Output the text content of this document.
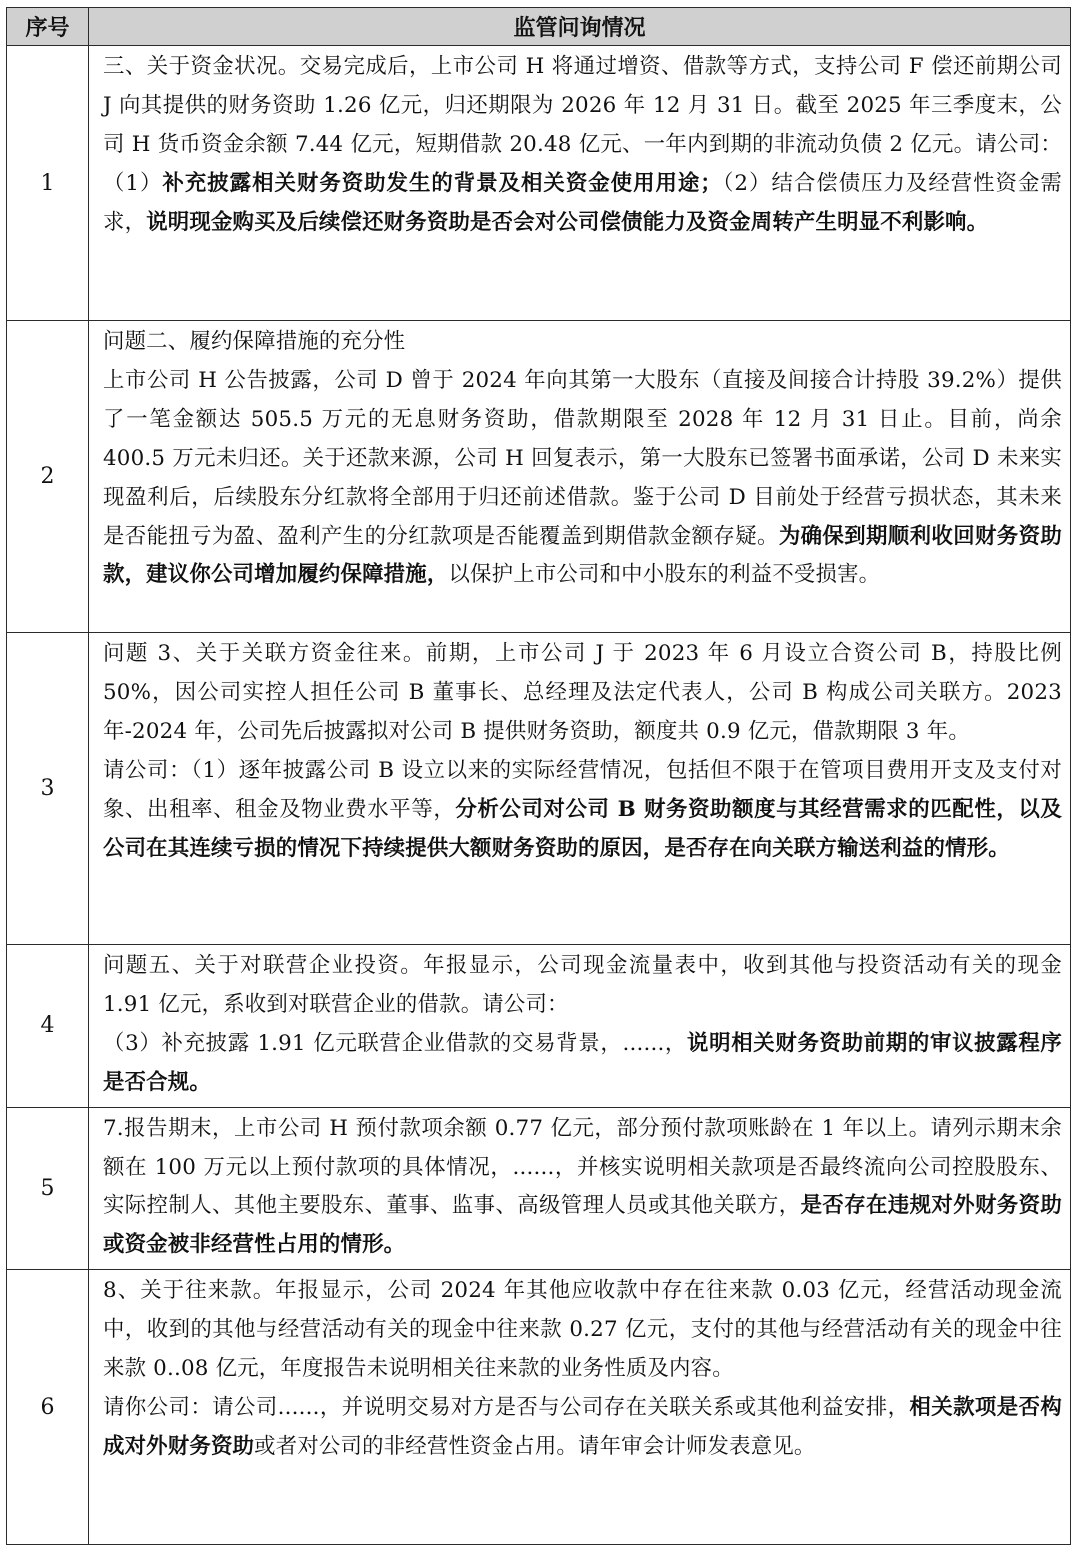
序号	监管问询情况
1	三、关于资金状况。交易完成后，上市公司 H 将通过增资、借款等方式，支持公司 F 偿还前期公司 J 向其提供的财务资助 1.26 亿元，归还期限为 2026 年 12 月 31 日。截至 2025 年三季度末，公司 H 货币资金余额 7.44 亿元，短期借款 20.48 亿元、一年内到期的非流动负债 2 亿元。请公司：（1）补充披露相关财务资助发生的背景及相关资金使用用途；（2）结合偿债压力及经营性资金需求，说明现金购买及后续偿还财务资助是否会对公司偿债能力及资金周转产生明显不利影响。

2	问题二、履约保障措施的充分性

上市公司 H 公告披露，公司 D 曾于 2024 年向其第一大股东（直接及间接合计持股 39.2%）提供了一笔金额达 505.5 万元的无息财务资助，借款期限至 2028 年 12 月 31 日止。目前，尚余 400.5 万元未归还。关于还款来源，公司 H 回复表示，第一大股东已签署书面承诺，公司 D 未来实现盈利后，后续股东分红款将全部用于归还前述借款。鉴于公司 D 目前处于经营亏损状态，其未来是否能扭亏为盈、盈利产生的分红款项是否能覆盖到期借款金额存疑。为确保到期顺利收回财务资助款，建议你公司增加履约保障措施，以保护上市公司和中小股东的利益不受损害。

3	问题 3、关于关联方资金往来。前期，上市公司 J 于 2023 年 6 月设立合资公司 B，持股比例 50%，因公司实控人担任公司 B 董事长、总经理及法定代表人，公司 B 构成公司关联方。2023 年-2024 年，公司先后披露拟对公司 B 提供财务资助，额度共 0.9 亿元，借款期限 3 年。

请公司：（1）逐年披露公司 B 设立以来的实际经营情况，包括但不限于在管项目费用开支及支付对象、出租率、租金及物业费水平等，分析公司对公司 B 财务资助额度与其经营需求的匹配性，以及公司在其连续亏损的情况下持续提供大额财务资助的原因，是否存在向关联方输送利益的情形。

4	问题五、关于对联营企业投资。年报显示，公司现金流量表中，收到其他与投资活动有关的现金 1.91 亿元，系收到对联营企业的借款。请公司：

（3）补充披露 1.91 亿元联营企业借款的交易背景，......，说明相关财务资助前期的审议披露程序是否合规。

5	7.报告期末，上市公司 H 预付款项余额 0.77 亿元，部分预付款项账龄在 1 年以上。请列示期末余额在 100 万元以上预付款项的具体情况，......，并核实说明相关款项是否最终流向公司控股股东、实际控制人、其他主要股东、董事、监事、高级管理人员或其他关联方，是否存在违规对外财务资助或资金被非经营性占用的情形。

6	8、关于往来款。年报显示，公司 2024 年其他应收款中存在往来款 0.03 亿元，经营活动现金流中，收到的其他与经营活动有关的现金中往来款 0.27 亿元，支付的其他与经营活动有关的现金中往来款 0..08 亿元，年度报告未说明相关往来款的业务性质及内容。

请你公司：请公司......，并说明交易对方是否与公司存在关联关系或其他利益安排，相关款项是否构成对外财务资助或者对公司的非经营性资金占用。请年审会计师发表意见。
